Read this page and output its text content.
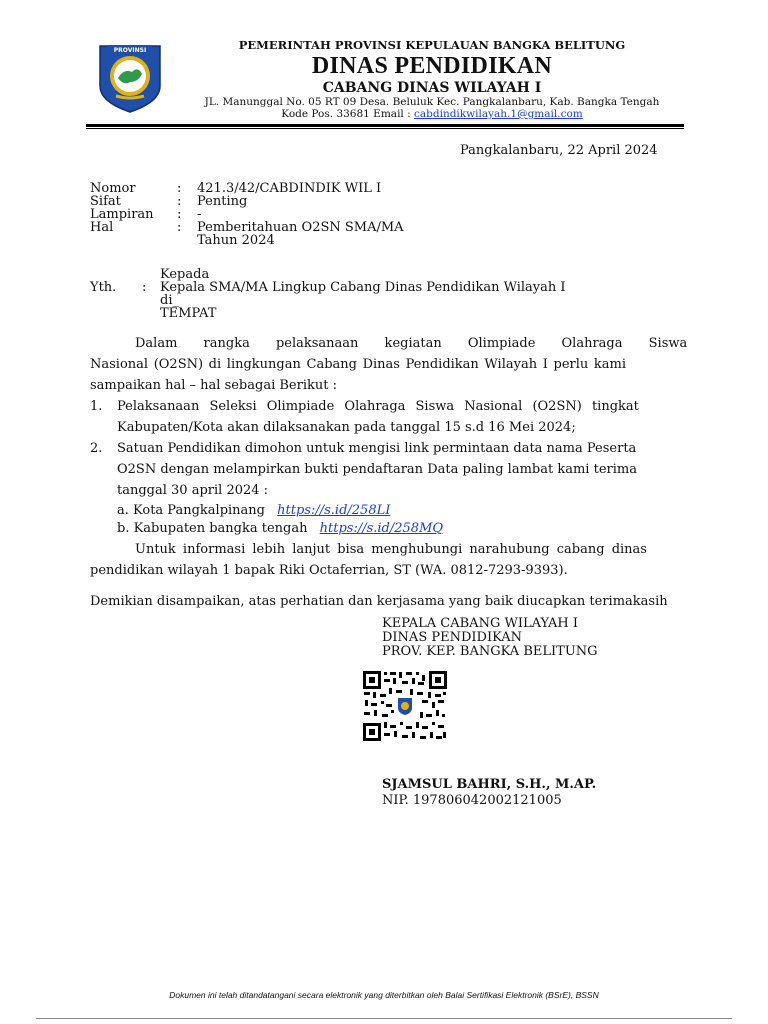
PROVINSI	PEMERINTAH PROVINSI KEPULAUAN BANGKA BELITUNG
DINAS PENDIDIKAN
CABANG DINAS WILAYAH I
JL. Manunggal No. 05 RT 09 Desa. Beluluk Kec. Pangkalanbaru, Kab. Bangka Tengah
Kode Pos. 33681 Email : cabdindikwilayah.1@gmail.com
Pangkalanbaru, 22 April 2024
Nomor	: 421.3/42/CABDINDIK WIL I
Sifat	: Penting
Lampiran : -
Hal	: Pemberitahuan O2SN SMA/MA
Tahun 2024
Kepada
Yth. : Kepala SMA/MA Lingkup Cabang Dinas Pendidikan Wilayah I
di_
TEMPAT
Dalam rangka pelaksanaan kegiatan Olimpiade Olahraga Siswa
Nasional (O2SN) di lingkungan Cabang Dinas Pendidikan Wilayah I perlu kami
sampaikan hal – hal sebagai Berikut :
1. Pelaksanaan Seleksi Olimpiade Olahraga Siswa Nasional (O2SN) tingkat
Kabupaten/Kota akan dilaksanakan pada tanggal 15 s.d 16 Mei 2024;
2. Satuan Pendidikan dimohon untuk mengisi link permintaan data nama Peserta
O2SN dengan melampirkan bukti pendaftaran Data paling lambat kami terima
tanggal 30 april 2024 :
a. Kota Pangkalpinang https://s.id/258LI
b. Kabupaten bangka tengah https://s.id/258MQ
Untuk informasi lebih lanjut bisa menghubungi narahubung cabang dinas
pendidikan wilayah 1 bapak Riki Octaferrian, ST (WA. 0812-7293-9393).
Demikian disampaikan, atas perhatian dan kerjasama yang baik diucapkan terimakasih
KEPALA CABANG WILAYAH I
DINAS PENDIDIKAN
PROV. KEP. BANGKA BELITUNG
SJAMSUL BAHRI, S.H., M.AP.
NIP. 197806042002121005
Dokumen ini telah ditandatangani secara elektronik yang diterbitkan oleh Balai Sertifikasi Elektronik (BSrE), BSSN
